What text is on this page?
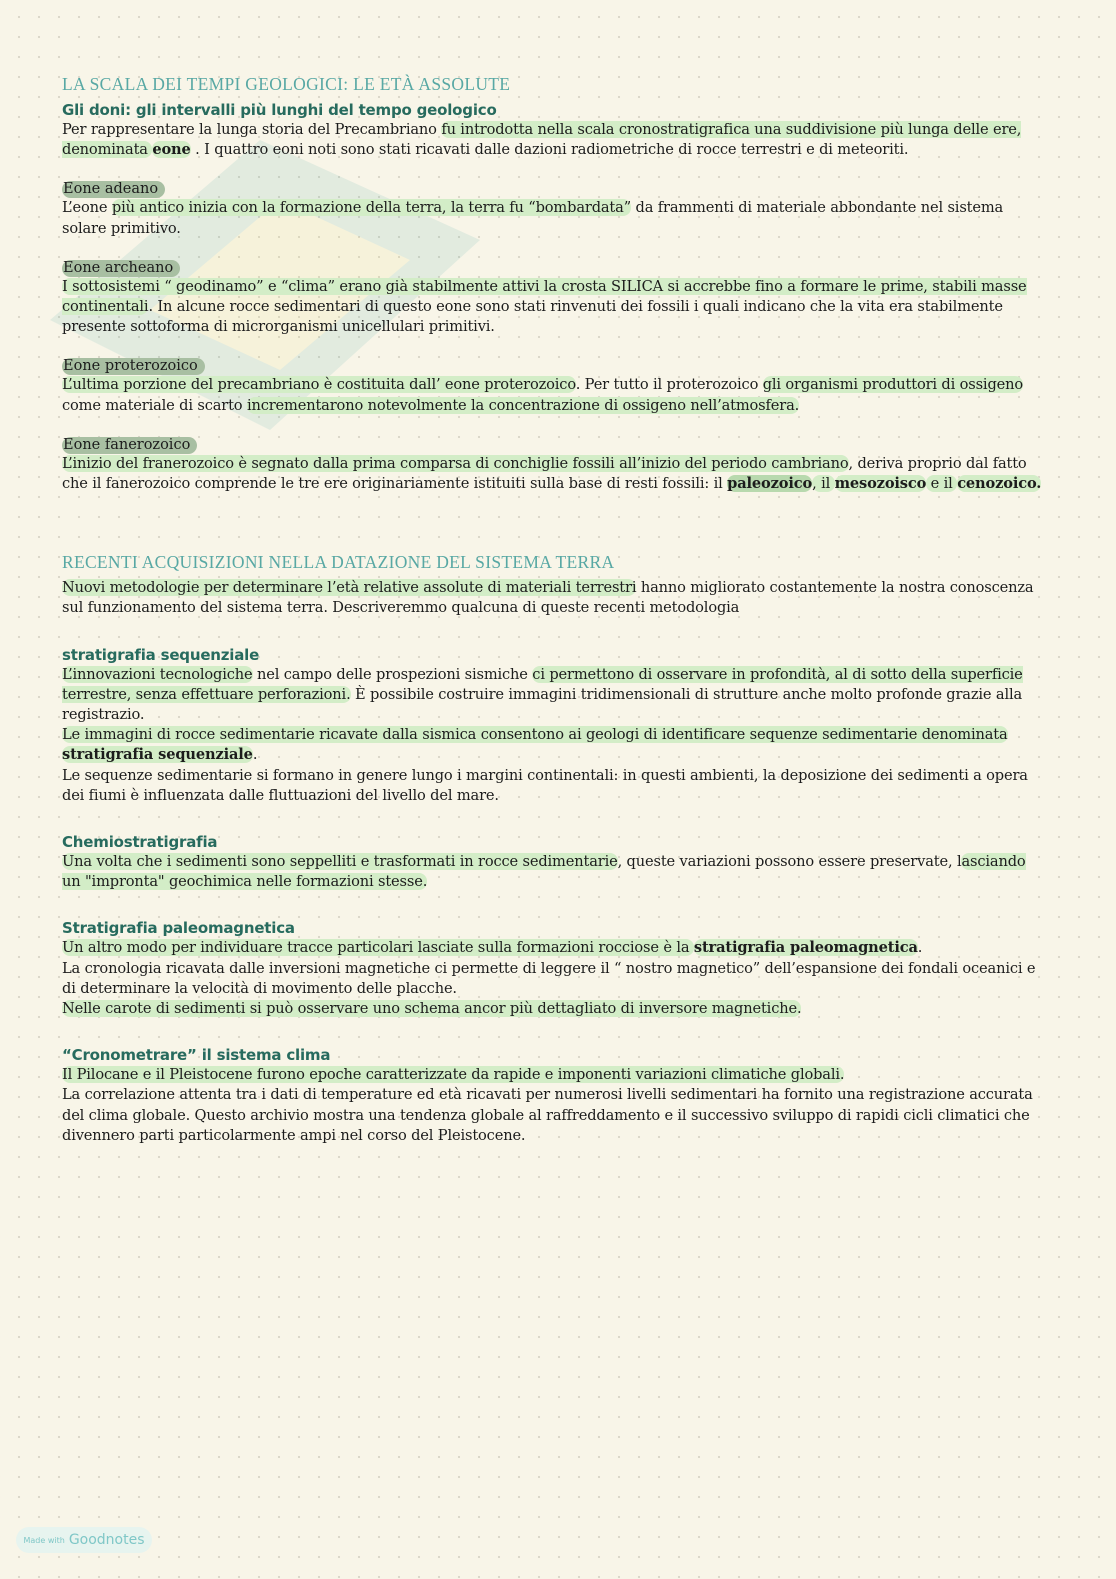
LA SCALA DEI TEMPI GEOLOGICI: LE ETÀ ASSOLUTE
Gli doni: gli intervalli più lunghi del tempo geologico

Per rappresentare la lunga storia del Precambriano fu introdotta nella scala cronostratigrafica una suddivisione più lunga delle ere, denominata eone . I quattro eoni noti sono stati ricavati dalle dazioni radiometriche di rocce terrestri e di meteoriti.

Eone adeano

L’eone più antico inizia con la formazione della terra, la terra fu “bombardata” da frammenti di materiale abbondante nel sistema solare primitivo.

Eone archeano

I sottosistemi “ geodinamo” e “clima” erano già stabilmente attivi la crosta SILICA si accrebbe fino a formare le prime, stabili masse continentali. In alcune rocce sedimentari di questo eone sono stati rinvenuti dei fossili i quali indicano che la vita era stabilmente presente sottoforma di microrganismi unicellulari primitivi.

Eone proterozoico

L’ultima porzione del precambriano è costituita dall’ eone proterozoico. Per tutto il proterozoico gli organismi produttori di ossigeno come materiale di scarto incrementarono notevolmente la concentrazione di ossigeno nell’atmosfera.

Eone fanerozoico

L’inizio del franerozoico è segnato dalla prima comparsa di conchiglie fossili all’inizio del periodo cambriano, deriva proprio dal fatto che il fanerozoico comprende le tre ere originariamente istituiti sulla base di resti fossili: il paleozoico, il mesozoisco e il cenozoico.

RECENTI ACQUISIZIONI NELLA DATAZIONE DEL SISTEMA TERRA

Nuovi metodologie per determinare l’età relative assolute di materiali terrestri hanno migliorato costantemente la nostra conoscenza sul funzionamento del sistema terra. Descriveremmo qualcuna di queste recenti metodologia

stratigrafia sequenziale

L’innovazioni tecnologiche nel campo delle prospezioni sismiche ci permettono di osservare in profondità, al di sotto della superficie terrestre, senza effettuare perforazioni. È possibile costruire immagini tridimensionali di strutture anche molto profonde grazie alla registrazio.

Le immagini di rocce sedimentarie ricavate dalla sismica consentono ai geologi di identificare sequenze sedimentarie denominata stratigrafia sequenziale.

Le sequenze sedimentarie si formano in genere lungo i margini continentali: in questi ambienti, la deposizione dei sedimenti a opera dei fiumi è influenzata dalle fluttuazioni del livello del mare.

Chemiostratigrafia

Una volta che i sedimenti sono seppelliti e trasformati in rocce sedimentarie, queste variazioni possono essere preservate, lasciando un "impronta" geochimica nelle formazioni stesse.

Stratigrafia paleomagnetica

Un altro modo per individuare tracce particolari lasciate sulla formazioni rocciose è la stratigrafia paleomagnetica.

La cronologia ricavata dalle inversioni magnetiche ci permette di leggere il “ nostro magnetico” dell’espansione dei fondali oceanici e di determinare la velocità di movimento delle placche.

Nelle carote di sedimenti si può osservare uno schema ancor più dettagliato di inversore magnetiche.

“Cronometrare” il sistema clima

Il Pilocane e il Pleistocene furono epoche caratterizzate da rapide e imponenti variazioni climatiche globali.

La correlazione attenta tra i dati di temperature ed età ricavati per numerosi livelli sedimentari ha fornito una registrazione accurata del clima globale. Questo archivio mostra una tendenza globale al raffreddamento e il successivo sviluppo di rapidi cicli climatici che divennero parti particolarmente ampi nel corso del Pleistocene.

Made with Goodnotes
